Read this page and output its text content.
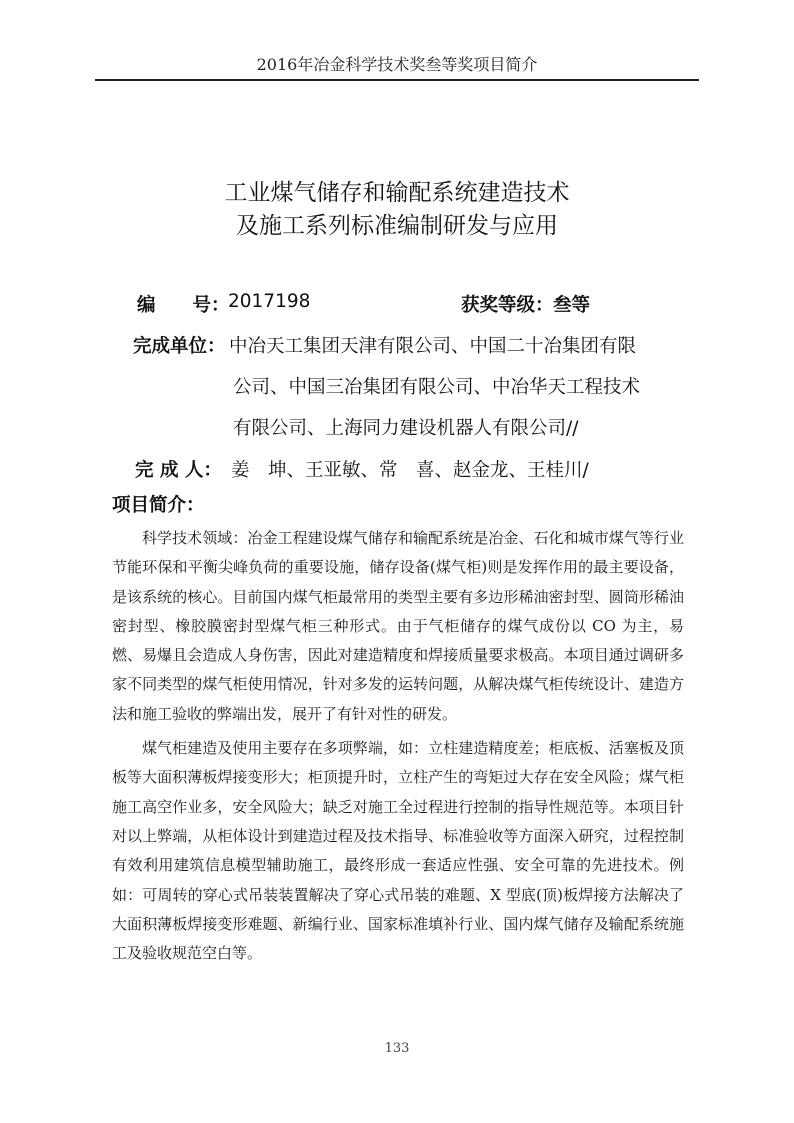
2016年冶金科学技术奖叁等奖项目简介
工业煤气储存和输配系统建造技术
及施工系列标准编制研发与应用
编　　号：
2017198	获奖等级： 叁等
完成单位： 中冶天工集团天津有限公司、中国二十冶集团有限
公司、中国三冶集团有限公司、中冶华天工程技术
有限公司、上海同力建设机器人有限公司//
完 成 人： 姜　坤、王亚敏、常　喜、赵金龙、王桂川/
项目简介：

科学技术领域：冶金工程建设煤气储存和输配系统是冶金、石化和城市煤气等行业节能环保和平衡尖峰负荷的重要设施，储存设备(煤气柜)则是发挥作用的最主要设备，是该系统的核心。目前国内煤气柜最常用的类型主要有多边形稀油密封型、圆筒形稀油密封型、橡胶膜密封型煤气柜三种形式。由于气柜储存的煤气成份以 CO 为主，易燃、易爆且会造成人身伤害，因此对建造精度和焊接质量要求极高。本项目通过调研多家不同类型的煤气柜使用情况，针对多发的运转问题，从解决煤气柜传统设计、建造方法和施工验收的弊端出发，展开了有针对性的研发。

煤气柜建造及使用主要存在多项弊端，如：立柱建造精度差；柜底板、活塞板及顶板等大面积薄板焊接变形大；柜顶提升时，立柱产生的弯矩过大存在安全风险；煤气柜施工高空作业多，安全风险大；缺乏对施工全过程进行控制的指导性规范等。本项目针对以上弊端，从柜体设计到建造过程及技术指导、标准验收等方面深入研究，过程控制有效利用建筑信息模型辅助施工，最终形成一套适应性强、安全可靠的先进技术。例如：可周转的穿心式吊装装置解决了穿心式吊装的难题、X 型底(顶)板焊接方法解决了大面积薄板焊接变形难题、新编行业、国家标准填补行业、国内煤气储存及输配系统施工及验收规范空白等。

133
